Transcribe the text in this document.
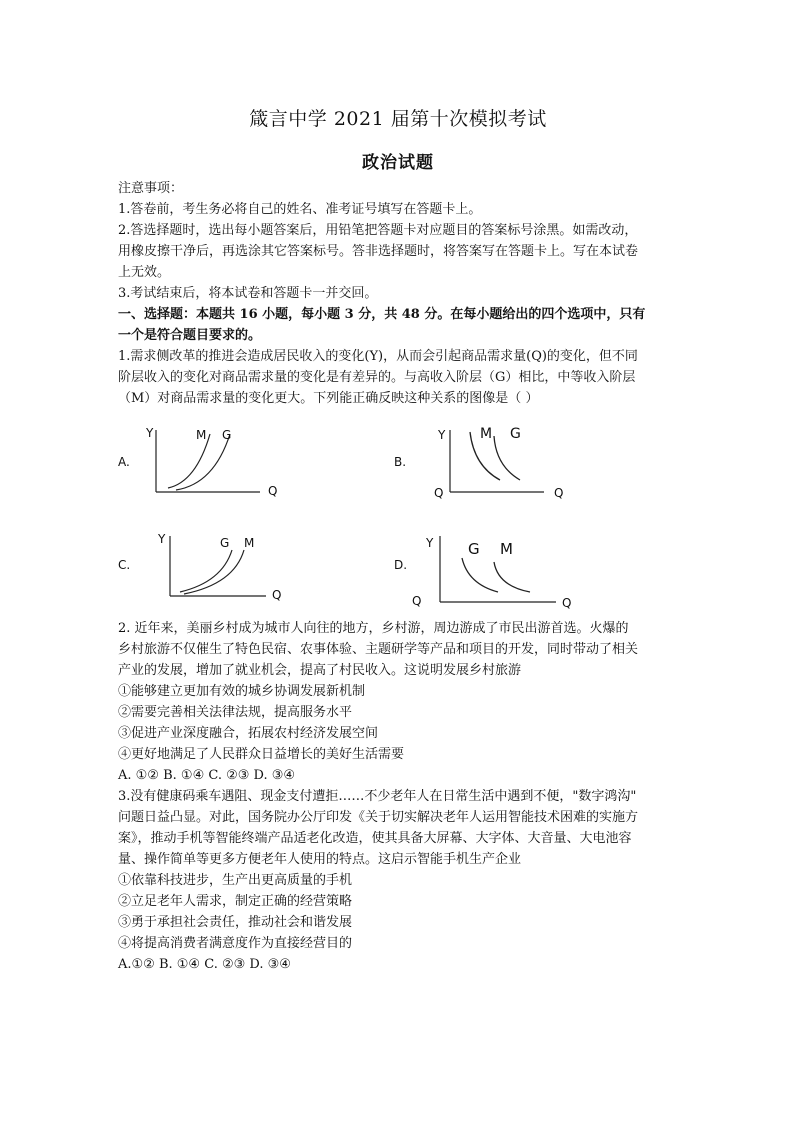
箴言中学 2021 届第十次模拟考试
政治试题
注意事项：
1.答卷前，考生务必将自己的姓名、准考证号填写在答题卡上。
2.答选择题时，选出每小题答案后，用铅笔把答题卡对应题目的答案标号涂黑。如需改动，
用橡皮擦干净后，再选涂其它答案标号。答非选择题时，将答案写在答题卡上。写在本试卷
上无效。
3.考试结束后，将本试卷和答题卡一并交回。
一、选择题：本题共 16 小题，每小题 3 分，共 48 分。在每小题给出的四个选项中，只有
一个是符合题目要求的。
1.需求侧改革的推进会造成居民收入的变化(Y)，从而会引起商品需求量(Q)的变化，但不同
阶层收入的变化对商品需求量的变化是有差异的。与高收入阶层（G）相比，中等收入阶层
（M）对商品需求量的变化更大。下列能正确反映这种关系的图像是（ ）
A.
Y
Q
M G
B.
Y
Q	Q
M G
C.
Y
Q
G M
D.
Y
Q	Q
G M
2. 近年来，美丽乡村成为城市人向往的地方，乡村游，周边游成了市民出游首选。火爆的
乡村旅游不仅催生了特色民宿、农事体验、主题研学等产品和项目的开发，同时带动了相关
产业的发展，增加了就业机会，提高了村民收入。这说明发展乡村旅游
①能够建立更加有效的城乡协调发展新机制
②需要完善相关法律法规，提高服务水平
③促进产业深度融合，拓展农村经济发展空间
④更好地满足了人民群众日益增长的美好生活需要
A. ①② B. ①④ C. ②③ D. ③④
3.没有健康码乘车遇阻、现金支付遭拒……不少老年人在日常生活中遇到不便，"数字鸿沟"
问题日益凸显。对此，国务院办公厅印发《关于切实解决老年人运用智能技术困难的实施方
案》，推动手机等智能终端产品适老化改造，使其具备大屏幕、大字体、大音量、大电池容
量、操作简单等更多方便老年人使用的特点。这启示智能手机生产企业
①依靠科技进步，生产出更高质量的手机
②立足老年人需求，制定正确的经营策略
③勇于承担社会责任，推动社会和谐发展
④将提高消费者满意度作为直接经营目的
A.①② B. ①④ C. ②③ D. ③④
